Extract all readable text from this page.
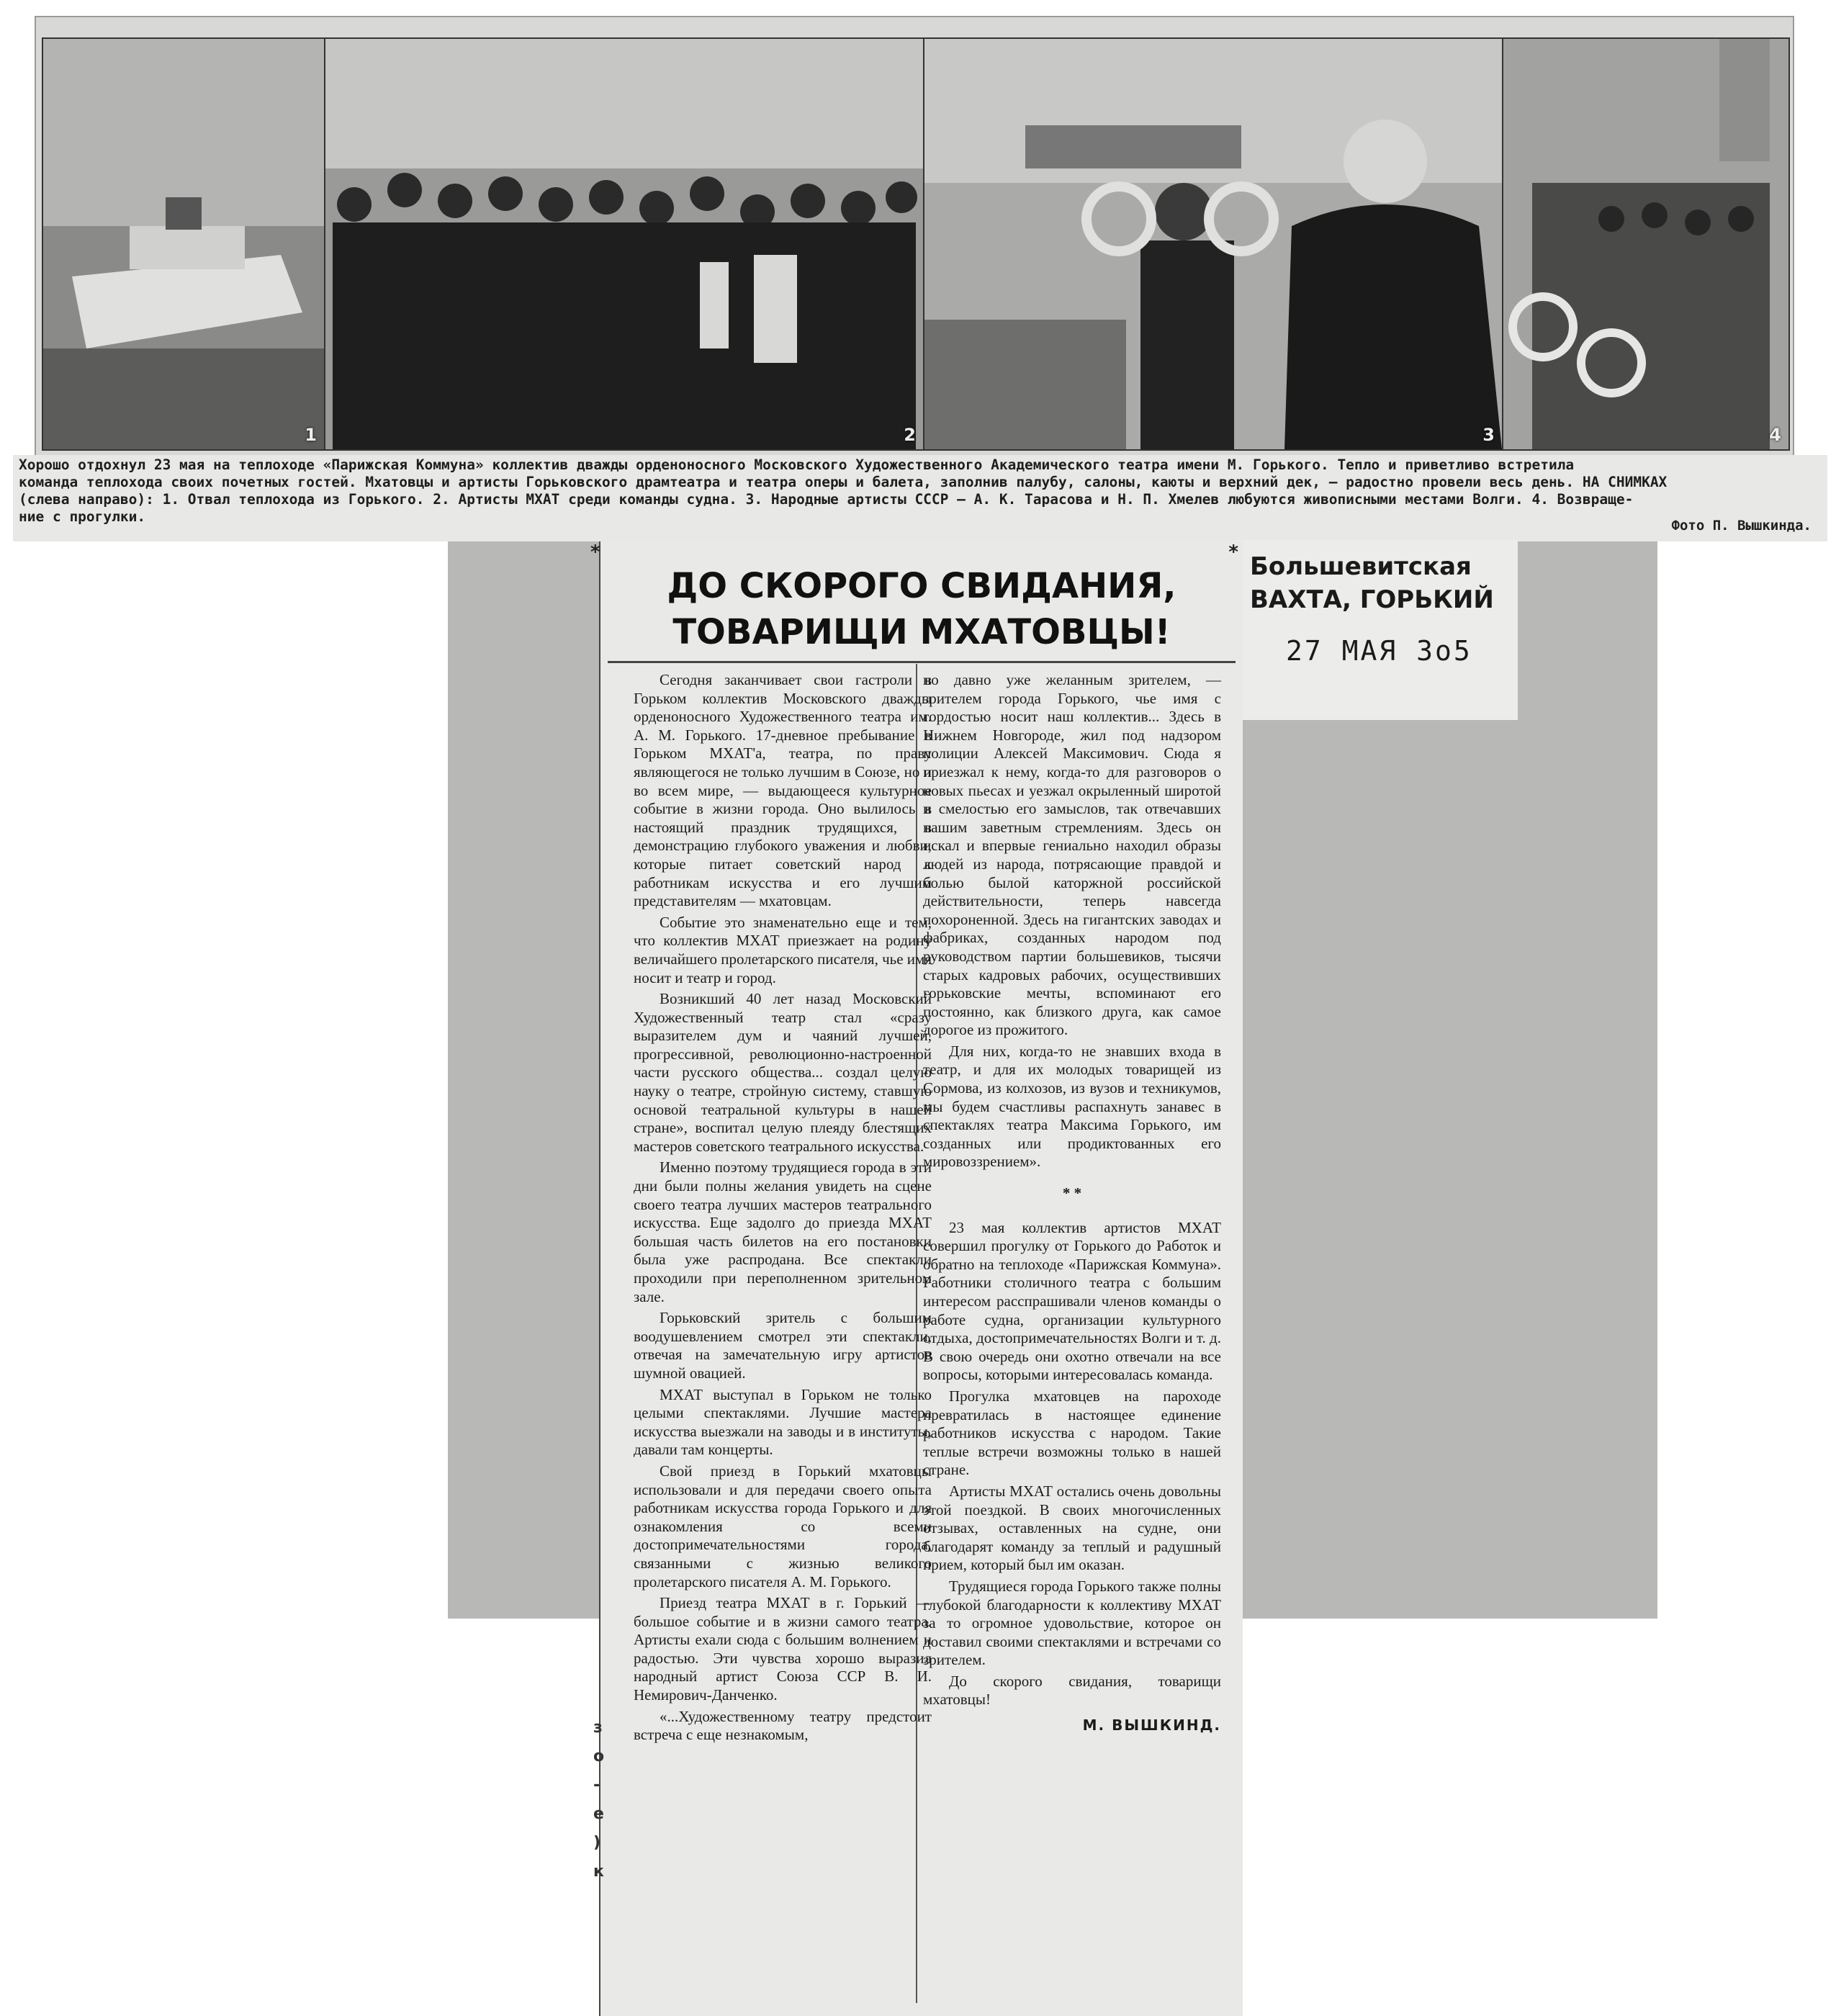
1	2	3	4
Хорошо отдохнул 23 мая на теплоходе «Парижская Коммуна» коллектив дважды орденоносного Московского Художественного Академического театра имени М. Горького. Тепло и приветливо встретила
команда теплохода своих почетных гостей. Мхатовцы и артисты Горьковского драмтеатра и театра оперы и балета, заполнив палубу, салоны, каюты и верхний дек, — радостно провели весь день. НА СНИМКАХ
(слева направо): 1. Отвал теплохода из Горького. 2. Артисты МХАТ среди команды судна. 3. Народные артисты СССР — А. К. Тарасова и Н. П. Хмелев любуются живописными местами Волги. 4. Возвраще-
ние с прогулки.
Фото П. Вышкинда.
Большевитская
ВАХТА, ГОРЬКИЙ
27 МАЯ 3о5
*	*
ДО СКОРОГО СВИДАНИЯ,
ТОВАРИЩИ МХАТОВЦЫ!

Сегодня заканчивает свои гастроли в Горьком коллектив Московского дважды орденоносного Художественного театра им. А. М. Горького. 17-дневное пребывание в Горьком МХАТ'а, театра, по праву являющегося не только лучшим в Союзе, но и во всем мире, — выдающееся культурное событие в жизни города. Оно вылилось в настоящий праздник трудящихся, в демонстрацию глубокого уважения и любви, которые питает советский народ к работникам искусства и его лучшим представителям — мхатовцам.

Событие это знаменательно еще и тем, что коллектив МХАТ приезжает на родину величайшего пролетарского писателя, чье имя носит и театр и город.

Возникший 40 лет назад Московский Художественный театр стал «сразу выразителем дум и чаяний лучшей, прогрессивной, революционно-настроенной части русского общества... создал целую науку о театре, стройную систему, ставшую основой театральной культуры в нашей стране», воспитал целую плеяду блестящих мастеров советского театрального искусства.

Именно поэтому трудящиеся города в эти дни были полны желания увидеть на сцене своего театра лучших мастеров театрального искусства. Еще задолго до приезда МХАТ большая часть билетов на его постановки была уже распродана. Все спектакли проходили при переполненном зрительном зале.

Горьковский зритель с большим воодушевлением смотрел эти спектакли, отвечая на замечательную игру артистов шумной овацией.

МХАТ выступал в Горьком не только целыми спектаклями. Лучшие мастера искусства выезжали на заводы и в институты, давали там концерты.

Свой приезд в Горький мхатовцы использовали и для передачи своего опыта работникам искусства города Горького и для ознакомления со всеми достопримечательностями города, связанными с жизнью великого пролетарского писателя А. М. Горького.

Приезд театра МХАТ в г. Горький — большое событие и в жизни самого театра. Артисты ехали сюда с большим волнением и радостью. Эти чувства хорошо выразил народный артист Союза ССР В. И. Немирович-Данченко.

«...Художественному театру предстоит встреча с еще незнакомым,

но давно уже желанным зрителем, — зрителем города Горького, чье имя с гордостью носит наш коллектив... Здесь в Нижнем Новгороде, жил под надзором полиции Алексей Максимович. Сюда я приезжал к нему, когда-то для разговоров о новых пьесах и уезжал окрыленный широтой и смелостью его замыслов, так отвечавших нашим заветным стремлениям. Здесь он искал и впервые гениально находил образы людей из народа, потрясающие правдой и болью былой каторжной российской действительности, теперь навсегда похороненной. Здесь на гигантских заводах и фабриках, созданных народом под руководством партии большевиков, тысячи старых кадровых рабочих, осуществивших горьковские мечты, вспоминают его постоянно, как близкого друга, как самое дорогое из прожитого.

Для них, когда-то не знавших входа в театр, и для их молодых товарищей из Сормова, из колхозов, из вузов и техникумов, мы будем счастливы распахнуть занавес в спектаклях театра Максима Горького, им созданных или продиктованных его мировоззрением».

* *

23 мая коллектив артистов МХАТ совершил прогулку от Горького до Работок и обратно на теплоходе «Парижская Коммуна». Работники столичного театра с большим интересом расспрашивали членов команды о работе судна, организации культурного отдыха, достопримечательностях Волги и т. д. В свою очередь они охотно отвечали на все вопросы, которыми интересовалась команда.

Прогулка мхатовцев на пароходе превратилась в настоящее единение работников искусства с народом. Такие теплые встречи возможны только в нашей стране.

Артисты МХАТ остались очень довольны этой поездкой. В своих многочисленных отзывах, оставленных на судне, они благодарят команду за теплый и радушный прием, который был им оказан.

Трудящиеся города Горького также полны глубокой благодарности к коллективу МХАТ за то огромное удовольствие, которое он доставил своими спектаклями и встречами со зрителем.

До скорого свидания, товарищи мхатовцы!

М. ВЫШКИНД.
з
о
-
е
)
к
